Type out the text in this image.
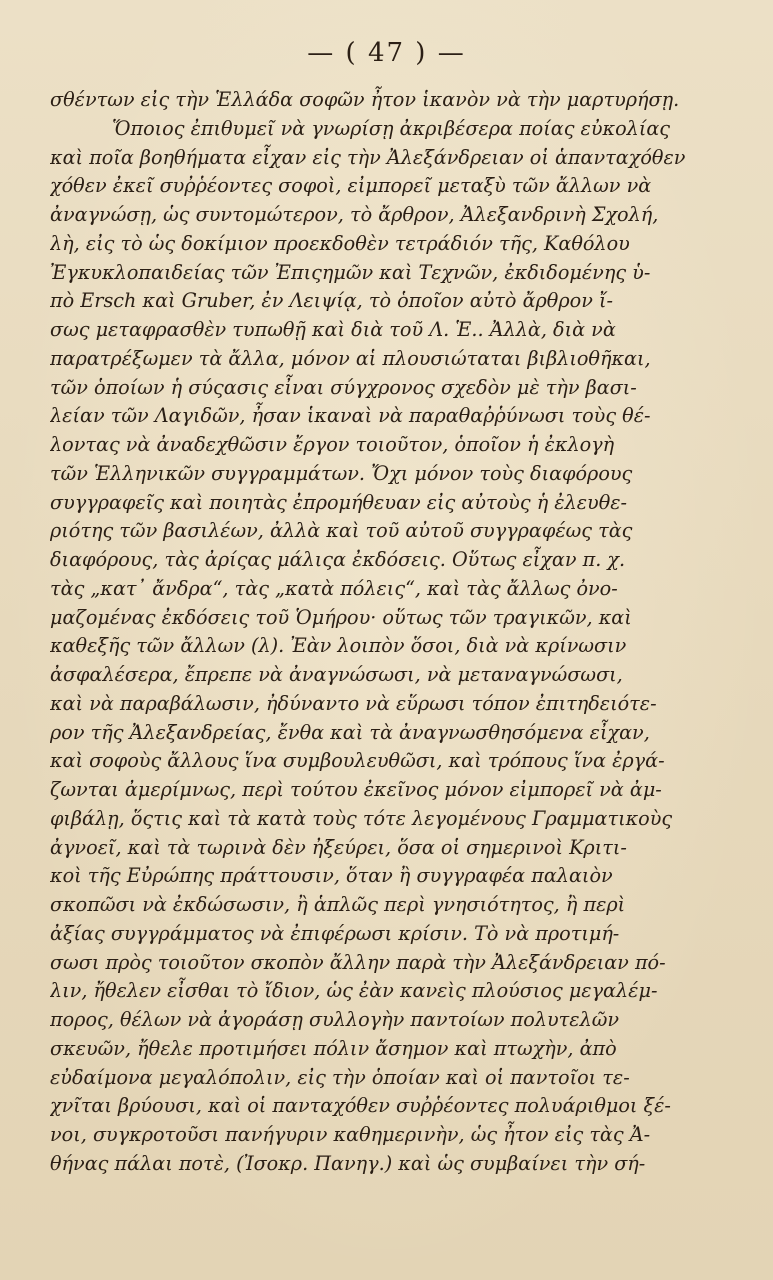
— ( 47 ) —
σθέντων εἰς τὴν Ἑλλάδα σοφῶν ἦτον ἱκανὸν νὰ τὴν μαρτυρήσῃ.
Ὅποιος ἐπιθυμεῖ νὰ γνωρίσῃ ἀκριβέσερα ποίας εὐκολίας
καὶ ποῖα βοηθήματα εἶχαν εἰς τὴν Ἀλεξάνδρειαν οἱ ἁπανταχόθεν
χόθεν ἐκεῖ συῤῥέοντες σοφοὶ, εἰμπορεῖ μεταξὺ τῶν ἄλλων νὰ
ἀναγνώσῃ, ὡς συντομώτερον, τὸ ἄρθρον, Ἀλεξανδρινὴ Σχολή,
λὴ, εἰς τὸ ὡς δοκίμιον προεκδοθὲν τετράδιόν τῆς, Καθόλου
Ἐγκυκλοπαιδείας τῶν Ἐπιςημῶν καὶ Τεχνῶν, ἐκδιδομένης ὑ-
πὸ Ersch καὶ Gruber, ἐν Λειψίᾳ, τὸ ὁποῖον αὐτὸ ἄρθρον ἴ-
σως μεταφρασθὲν τυπωθῇ καὶ διὰ τοῦ Λ. Ἑ.. Ἀλλὰ, διὰ νὰ
παρατρέξωμεν τὰ ἄλλα, μόνον αἱ πλουσιώταται βιβλιοθῆκαι,
τῶν ὁποίων ἡ σύςασις εἶναι σύγχρονος σχεδὸν μὲ τὴν βασι-
λείαν τῶν Λαγιδῶν, ἦσαν ἱκαναὶ νὰ παραθαῤῥύνωσι τοὺς θέ-
λοντας νὰ ἀναδεχθῶσιν ἔργον τοιοῦτον, ὁποῖον ἡ ἐκλογὴ
τῶν Ἑλληνικῶν συγγραμμάτων. Ὄχι μόνον τοὺς διαφόρους
συγγραφεῖς καὶ ποιητὰς ἐπρομήθευαν εἰς αὐτοὺς ἡ ἐλευθε-
ριότης τῶν βασιλέων, ἀλλὰ καὶ τοῦ αὐτοῦ συγγραφέως τὰς
διαφόρους, τὰς ἀρίςας μάλιςα ἐκδόσεις. Οὕτως εἶχαν π. χ.
τὰς „κατ᾽ ἄνδρα“, τὰς „κατὰ πόλεις“, καὶ τὰς ἄλλως ὀνο-
μαζομένας ἐκδόσεις τοῦ Ὁμήρου· οὕτως τῶν τραγικῶν, καὶ
καθεξῆς τῶν ἄλλων (λ). Ἐὰν λοιπὸν ὅσοι, διὰ νὰ κρίνωσιν
ἀσφαλέσερα, ἔπρεπε νὰ ἀναγνώσωσι, νὰ μεταναγνώσωσι,
καὶ νὰ παραβάλωσιν, ἠδύναντο νὰ εὕρωσι τόπον ἐπιτηδειότε-
ρον τῆς Ἀλεξανδρείας, ἔνθα καὶ τὰ ἀναγνωσθησόμενα εἶχαν,
καὶ σοφοὺς ἄλλους ἵνα συμβουλευθῶσι, καὶ τρόπους ἵνα ἐργά-
ζωνται ἀμερίμνως, περὶ τούτου ἐκεῖνος μόνον εἰμπορεῖ νὰ ἀμ-
φιβάλῃ, ὅςτις καὶ τὰ κατὰ τοὺς τότε λεγομένους Γραμματικοὺς
ἀγνοεῖ, καὶ τὰ τωρινὰ δὲν ἠξεύρει, ὅσα οἱ σημερινοὶ Κριτι-
κοὶ τῆς Εὐρώπης πράττουσιν, ὅταν ἢ συγγραφέα παλαιὸν
σκοπῶσι νὰ ἐκδώσωσιν, ἢ ἁπλῶς περὶ γνησιότητος, ἢ περὶ
ἀξίας συγγράμματος νὰ ἐπιφέρωσι κρίσιν. Τὸ νὰ προτιμή-
σωσι πρὸς τοιοῦτον σκοπὸν ἄλλην παρὰ τὴν Ἀλεξάνδρειαν πό-
λιν, ἤθελεν εἶσθαι τὸ ἴδιον, ὡς ἐὰν κανεὶς πλούσιος μεγαλέμ-
πορος, θέλων νὰ ἀγοράσῃ συλλογὴν παντοίων πολυτελῶν
σκευῶν, ἤθελε προτιμήσει πόλιν ἄσημον καὶ πτωχὴν, ἀπὸ
εὐδαίμονα μεγαλόπολιν, εἰς τὴν ὁποίαν καὶ οἱ παντοῖοι τε-
χνῖται βρύουσι, καὶ οἱ πανταχόθεν συῤῥέοντες πολυάριθμοι ξέ-
νοι, συγκροτοῦσι πανήγυριν καθημερινὴν, ὡς ἦτον εἰς τὰς Ἀ-
θήνας πάλαι ποτὲ, (Ἰσοκρ. Πανηγ.) καὶ ὡς συμβαίνει τὴν σή-
